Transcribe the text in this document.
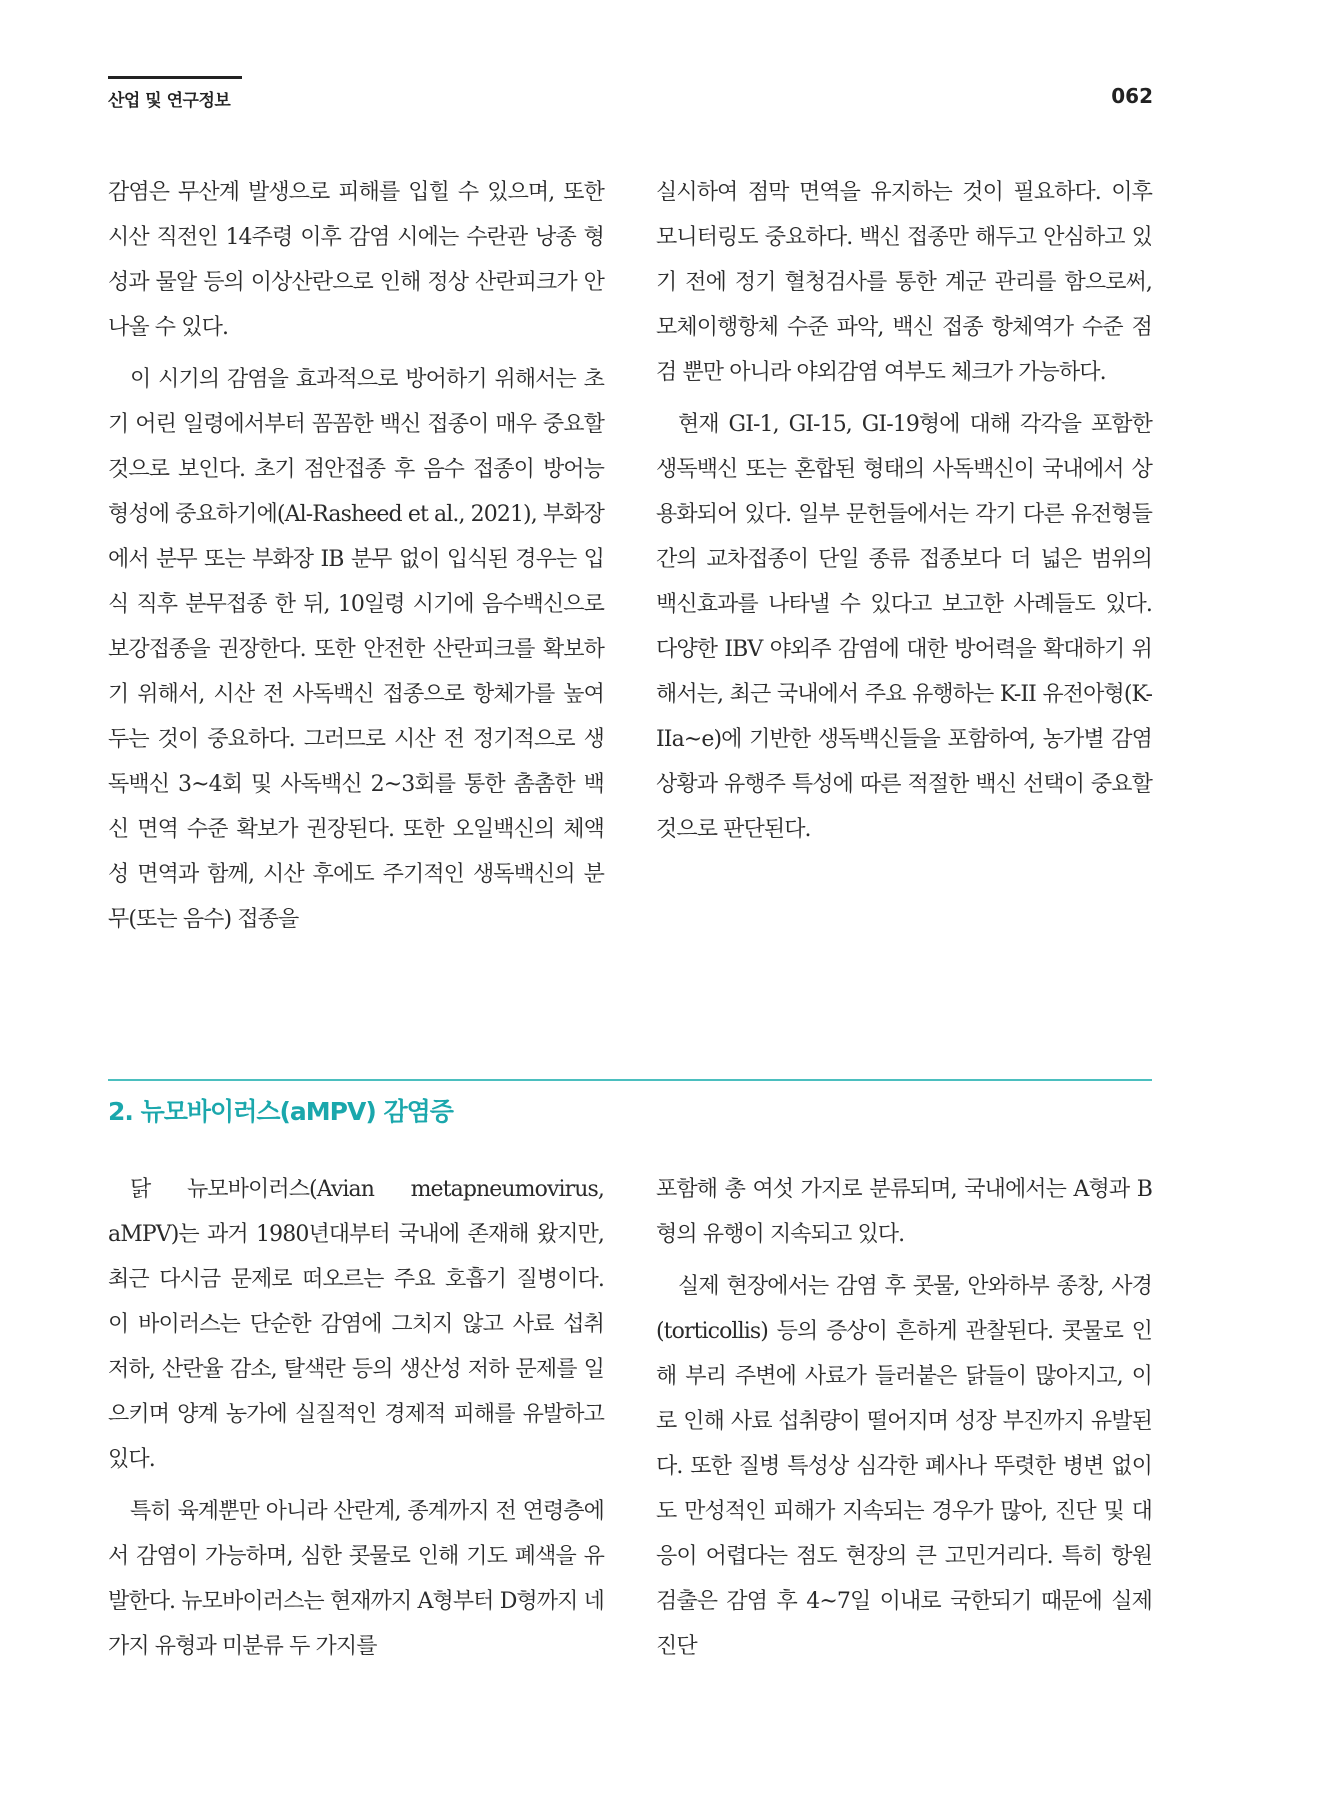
산업 및 연구정보	062

감염은 무산계 발생으로 피해를 입힐 수 있으며, 또한 시산 직전인 14주령 이후 감염 시에는 수란관 낭종 형성과 물알 등의 이상산란으로 인해 정상 산란피크가 안 나올 수 있다.

이 시기의 감염을 효과적으로 방어하기 위해서는 초기 어린 일령에서부터 꼼꼼한 백신 접종이 매우 중요할 것으로 보인다. 초기 점안접종 후 음수 접종이 방어능 형성에 중요하기에(Al-Rasheed et al., 2021), 부화장에서 분무 또는 부화장 IB 분무 없이 입식된 경우는 입식 직후 분무접종 한 뒤, 10일령 시기에 음수백신으로 보강접종을 권장한다. 또한 안전한 산란피크를 확보하기 위해서, 시산 전 사독백신 접종으로 항체가를 높여두는 것이 중요하다. 그러므로 시산 전 정기적으로 생독백신 3~4회 및 사독백신 2~3회를 통한 촘촘한 백신 면역 수준 확보가 권장된다. 또한 오일백신의 체액성 면역과 함께, 시산 후에도 주기적인 생독백신의 분무(또는 음수) 접종을

실시하여 점막 면역을 유지하는 것이 필요하다. 이후 모니터링도 중요하다. 백신 접종만 해두고 안심하고 있기 전에 정기 혈청검사를 통한 계군 관리를 함으로써, 모체이행항체 수준 파악, 백신 접종 항체역가 수준 점검 뿐만 아니라 야외감염 여부도 체크가 가능하다.

현재 GI-1, GI-15, GI-19형에 대해 각각을 포함한 생독백신 또는 혼합된 형태의 사독백신이 국내에서 상용화되어 있다. 일부 문헌들에서는 각기 다른 유전형들 간의 교차접종이 단일 종류 접종보다 더 넓은 범위의 백신효과를 나타낼 수 있다고 보고한 사례들도 있다. 다양한 IBV 야외주 감염에 대한 방어력을 확대하기 위해서는, 최근 국내에서 주요 유행하는 K-II 유전아형(K-IIa~e)에 기반한 생독백신들을 포함하여, 농가별 감염 상황과 유행주 특성에 따른 적절한 백신 선택이 중요할 것으로 판단된다.

2. 뉴모바이러스(aMPV) 감염증

닭 뉴모바이러스(Avian metapneumovirus, aMPV)는 과거 1980년대부터 국내에 존재해 왔지만, 최근 다시금 문제로 떠오르는 주요 호흡기 질병이다. 이 바이러스는 단순한 감염에 그치지 않고 사료 섭취 저하, 산란율 감소, 탈색란 등의 생산성 저하 문제를 일으키며 양계 농가에 실질적인 경제적 피해를 유발하고 있다.

특히 육계뿐만 아니라 산란계, 종계까지 전 연령층에서 감염이 가능하며, 심한 콧물로 인해 기도 폐색을 유발한다. 뉴모바이러스는 현재까지 A형부터 D형까지 네 가지 유형과 미분류 두 가지를

포함해 총 여섯 가지로 분류되며, 국내에서는 A형과 B형의 유행이 지속되고 있다.

실제 현장에서는 감염 후 콧물, 안와하부 종창, 사경(torticollis) 등의 증상이 흔하게 관찰된다. 콧물로 인해 부리 주변에 사료가 들러붙은 닭들이 많아지고, 이로 인해 사료 섭취량이 떨어지며 성장 부진까지 유발된다. 또한 질병 특성상 심각한 폐사나 뚜렷한 병변 없이도 만성적인 피해가 지속되는 경우가 많아, 진단 및 대응이 어렵다는 점도 현장의 큰 고민거리다. 특히 항원 검출은 감염 후 4~7일 이내로 국한되기 때문에 실제 진단
